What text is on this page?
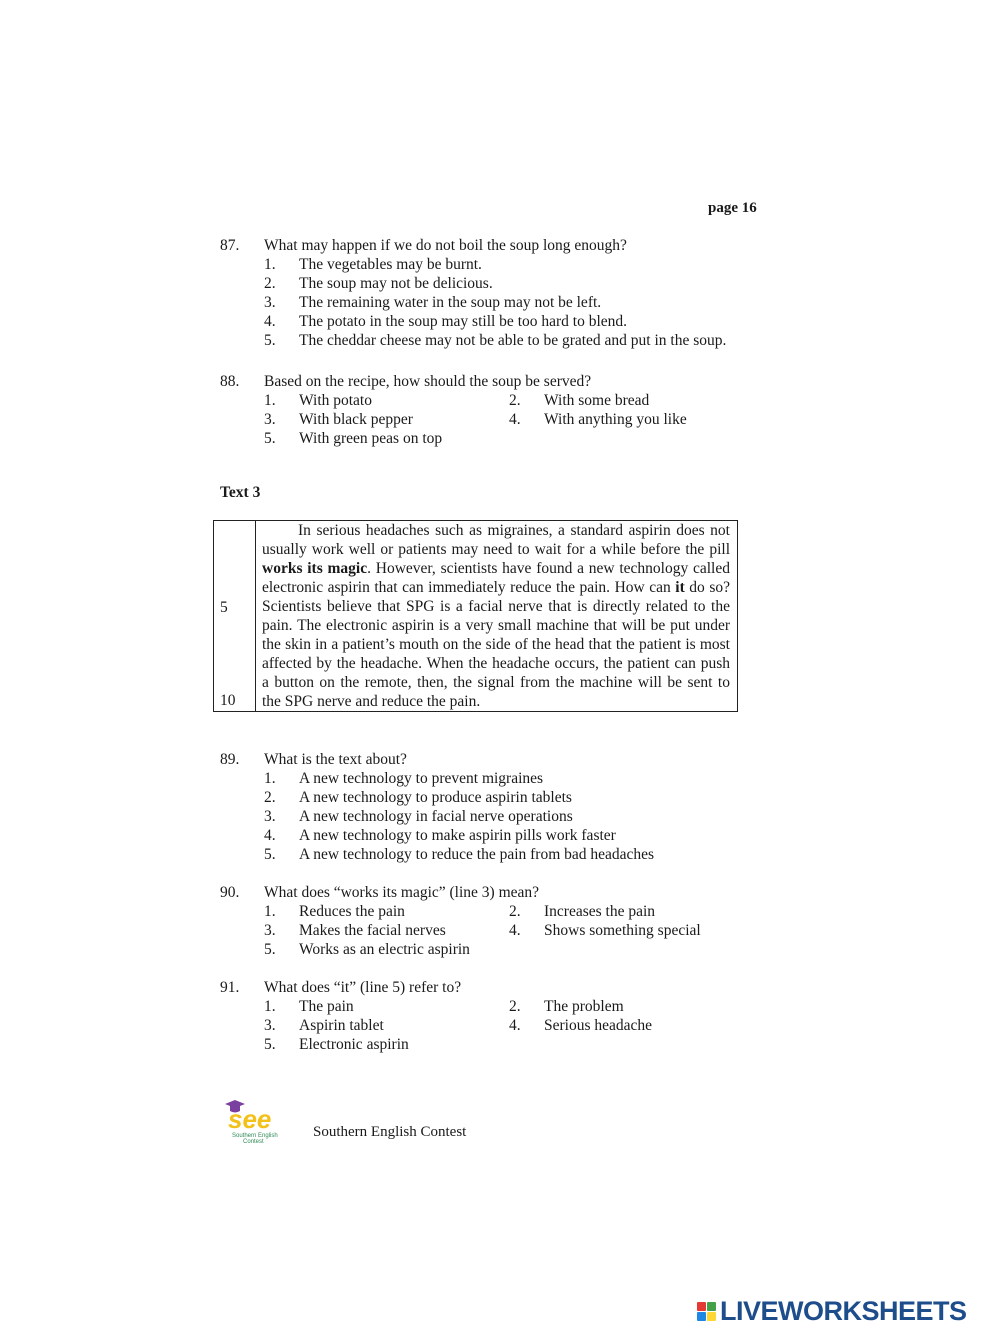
page 16
87. What may happen if we do not boil the soup long enough?
1. The vegetables may be burnt.
2. The soup may not be delicious.
3. The remaining water in the soup may not be left.
4. The potato in the soup may still be too hard to blend.
5. The cheddar cheese may not be able to be grated and put in the soup.
88. Based on the recipe, how should the soup be served?
1. With potato	2. With some bread
3. With black pepper	4. With anything you like
5. With green peas on top
Text 3
5
10
In serious headaches such as migraines, a standard aspirin does not usually work well or patients may need to wait for a while before the pill works its magic. However, scientists have found a new technology called electronic aspirin that can immediately reduce the pain. How can it do so? Scientists believe that SPG is a facial nerve that is directly related to the pain. The electronic aspirin is a very small machine that will be put under the skin in a patient’s mouth on the side of the head that the patient is most affected by the headache. When the headache occurs, the patient can push a button on the remote, then, the signal from the machine will be sent to the SPG nerve and reduce the pain.
89. What is the text about?
1. A new technology to prevent migraines
2. A new technology to produce aspirin tablets
3. A new technology in facial nerve operations
4. A new technology to make aspirin pills work faster
5. A new technology to reduce the pain from bad headaches
90. What does “works its magic” (line 3) mean?
1. Reduces the pain	2. Increases the pain
3. Makes the facial nerves	4. Shows something special
5. Works as an electric aspirin
91. What does “it” (line 5) refer to?
1. The pain	2. The problem
3. Aspirin tablet	4. Serious headache
5. Electronic aspirin
see
Southern English
Contest
Southern English Contest
LIVEWORKSHEETS
